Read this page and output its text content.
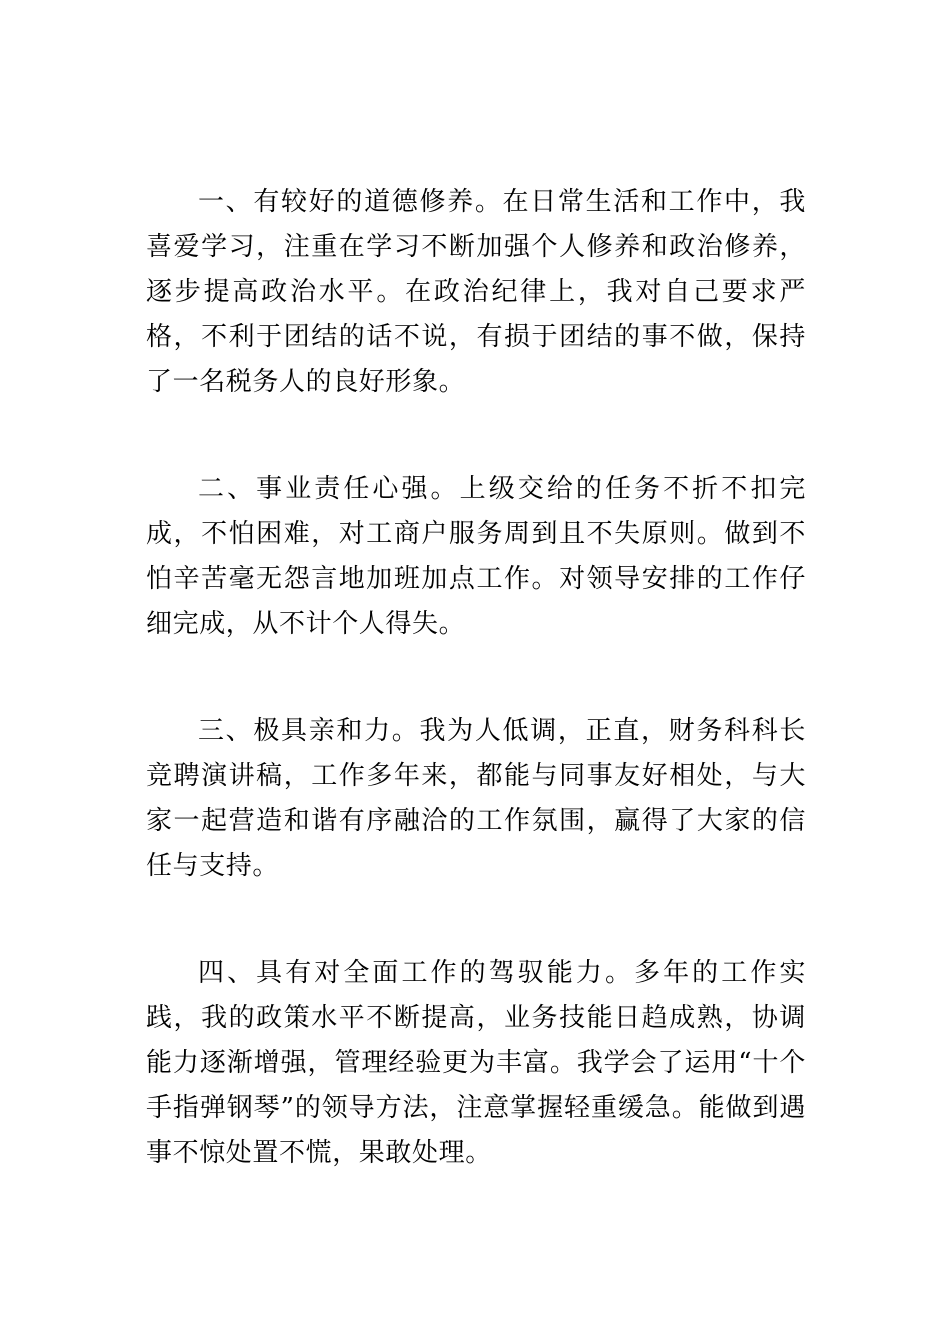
一、有较好的道德修养。在日常生活和工作中，我喜爱学习，注重在学习不断加强个人修养和政治修养，逐步提高政治水平。在政治纪律上，我对自己要求严格，不利于团结的话不说，有损于团结的事不做，保持了一名税务人的良好形象。

二、事业责任心强。上级交给的任务不折不扣完成，不怕困难，对工商户服务周到且不失原则。做到不怕辛苦毫无怨言地加班加点工作。对领导安排的工作仔细完成，从不计个人得失。

三、极具亲和力。我为人低调，正直，财务科科长竞聘演讲稿，工作多年来，都能与同事友好相处，与大家一起营造和谐有序融洽的工作氛围，赢得了大家的信任与支持。

四、具有对全面工作的驾驭能力。多年的工作实践，我的政策水平不断提高，业务技能日趋成熟，协调能力逐渐增强，管理经验更为丰富。我学会了运用“十个手指弹钢琴”的领导方法，注意掌握轻重缓急。能做到遇事不惊处置不慌，果敢处理。
